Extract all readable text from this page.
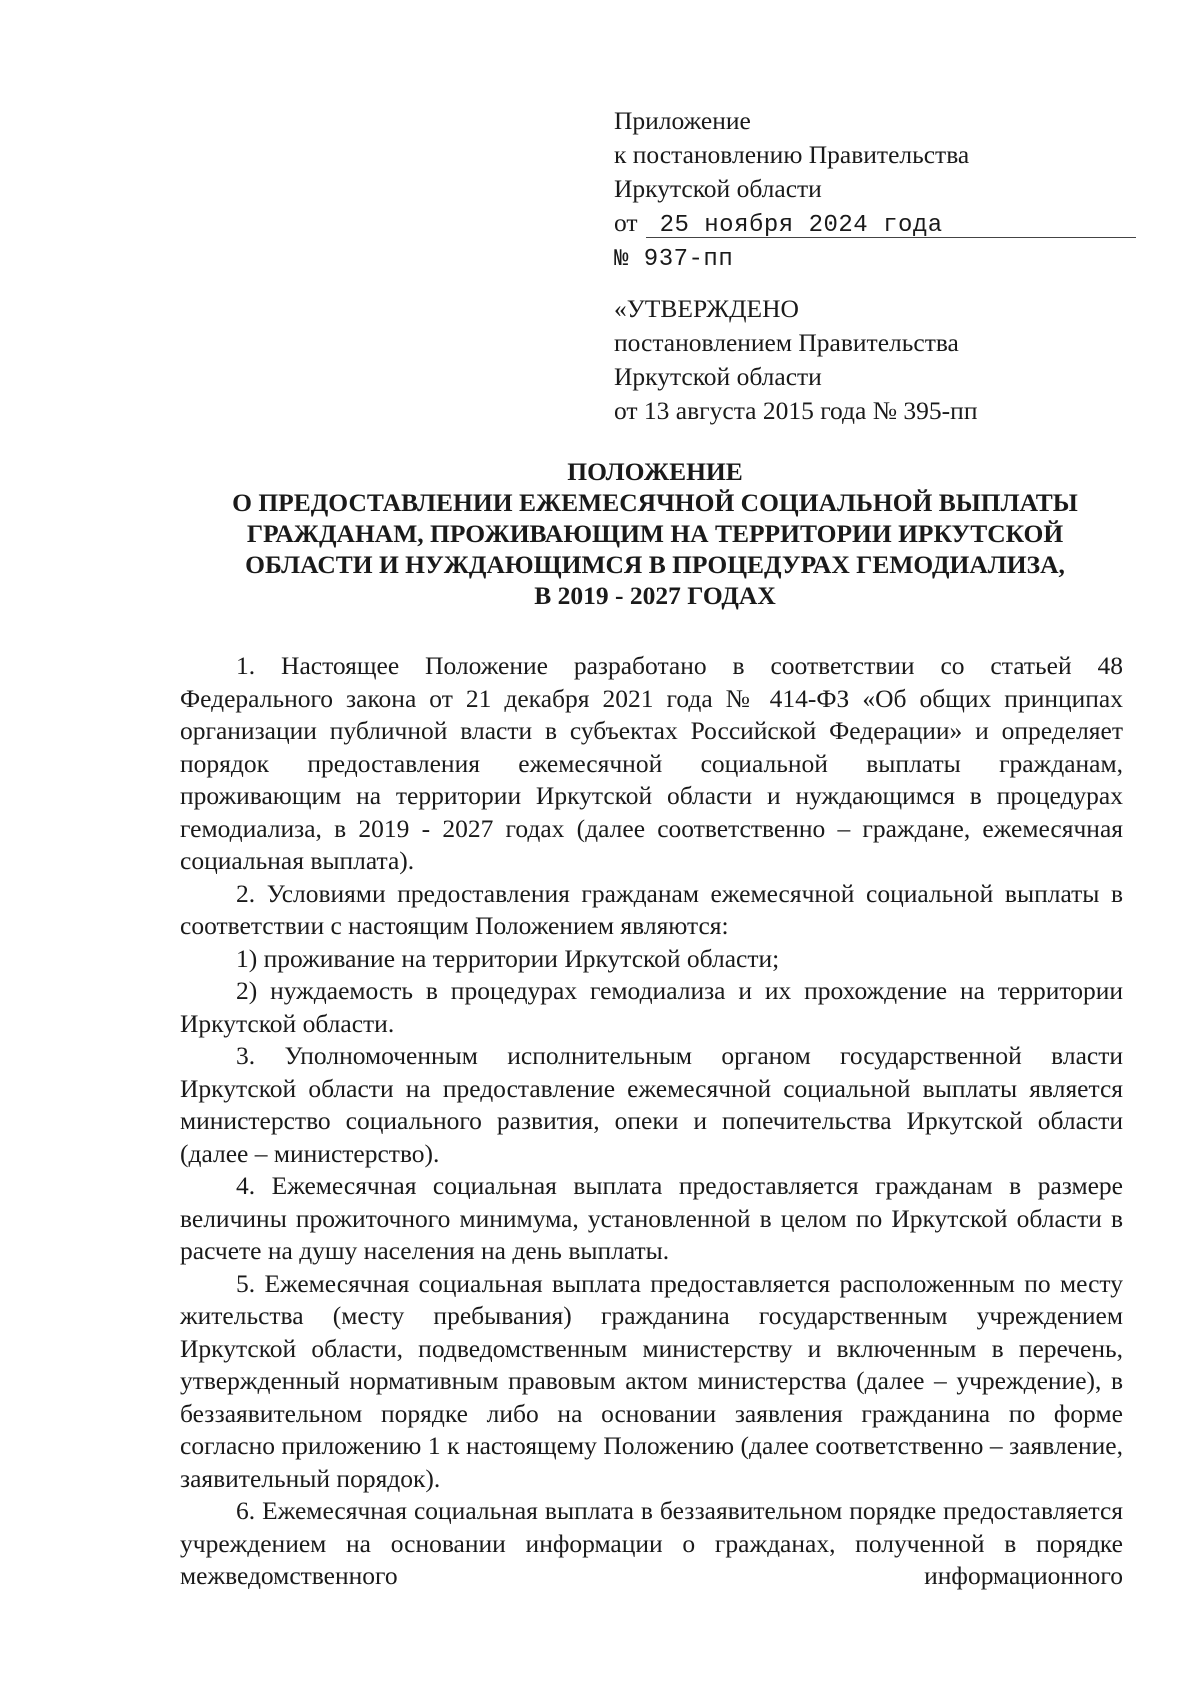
Приложение
к постановлению Правительства
Иркутской области
от 25 ноября 2024 года
№ 937-пп
«УТВЕРЖДЕНО
постановлением Правительства
Иркутской области
от 13 августа 2015 года № 395-пп
ПОЛОЖЕНИЕ
О ПРЕДОСТАВЛЕНИИ ЕЖЕМЕСЯЧНОЙ СОЦИАЛЬНОЙ ВЫПЛАТЫ
ГРАЖДАНАМ, ПРОЖИВАЮЩИМ НА ТЕРРИТОРИИ ИРКУТСКОЙ
ОБЛАСТИ И НУЖДАЮЩИМСЯ В ПРОЦЕДУРАХ ГЕМОДИАЛИЗА,
В 2019 - 2027 ГОДАХ

1. Настоящее Положение разработано в соответствии со статьей 48 Федерального закона от 21 декабря 2021 года № 414-ФЗ «Об общих принципах организации публичной власти в субъектах Российской Федерации» и определяет порядок предоставления ежемесячной социальной выплаты гражданам, проживающим на территории Иркутской области и нуждающимся в процедурах гемодиализа, в 2019 - 2027 годах (далее соответственно – граждане, ежемесячная социальная выплата).

2. Условиями предоставления гражданам ежемесячной социальной выплаты в соответствии с настоящим Положением являются:

1) проживание на территории Иркутской области;

2) нуждаемость в процедурах гемодиализа и их прохождение на территории Иркутской области.

3. Уполномоченным исполнительным органом государственной власти Иркутской области на предоставление ежемесячной социальной выплаты является министерство социального развития, опеки и попечительства Иркутской области (далее – министерство).

4. Ежемесячная социальная выплата предоставляется гражданам в размере величины прожиточного минимума, установленной в целом по Иркутской области в расчете на душу населения на день выплаты.

5. Ежемесячная социальная выплата предоставляется расположенным по месту жительства (месту пребывания) гражданина государственным учреждением Иркутской области, подведомственным министерству и включенным в перечень, утвержденный нормативным правовым актом министерства (далее – учреждение), в беззаявительном порядке либо на основании заявления гражданина по форме согласно приложению 1 к настоящему Положению (далее соответственно – заявление, заявительный порядок).

6. Ежемесячная социальная выплата в беззаявительном порядке предоставляется учреждением на основании информации о гражданах, полученной в порядке межведомственного информационного
